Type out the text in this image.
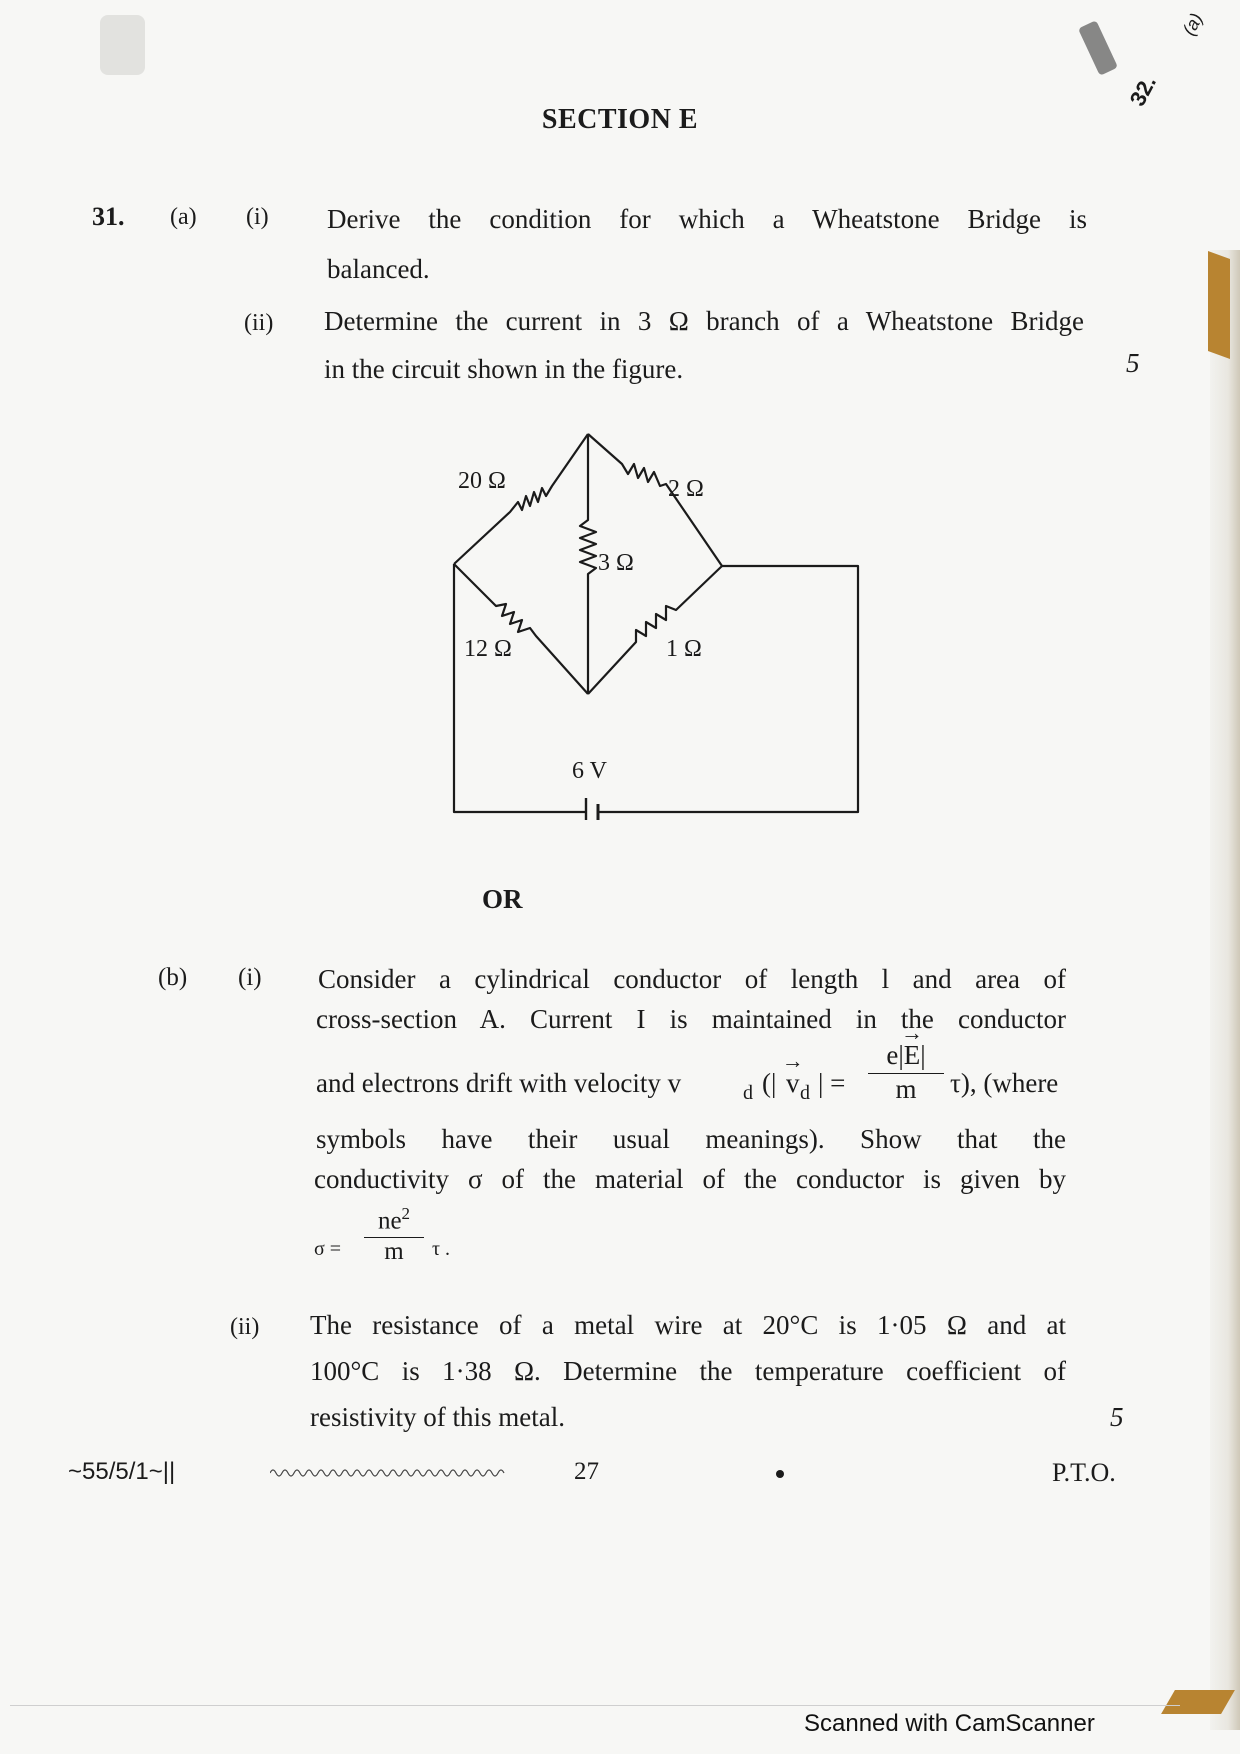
32.
(a)
SECTION E
31. (a) (i) Derive the condition for which a Wheatstone Bridge is
balanced.
(ii) Determine the current in 3 Ω branch of a Wheatstone Bridge
in the circuit shown in the figure.	5
20 Ω	2 Ω
3 Ω
12 Ω	1 Ω
6 V
OR
(b) (i) Consider a cylindrical conductor of length l and area of
cross-section A. Current I is maintained in the conductor
and electrons drift with velocity v	d (| → v d | =
e|→ E|
m	τ), (where
symbols have their usual meanings). Show that the
conductivity σ of the material of the conductor is given by
σ =
$ne^2$
m	τ .
(ii) The resistance of a metal wire at 20°C is 1·05 Ω and at
100°C is 1·38 Ω. Determine the temperature coefficient of
resistivity of this metal.	5
~55/5/1~||	27	P.T.O.
Scanned with CamScanner
